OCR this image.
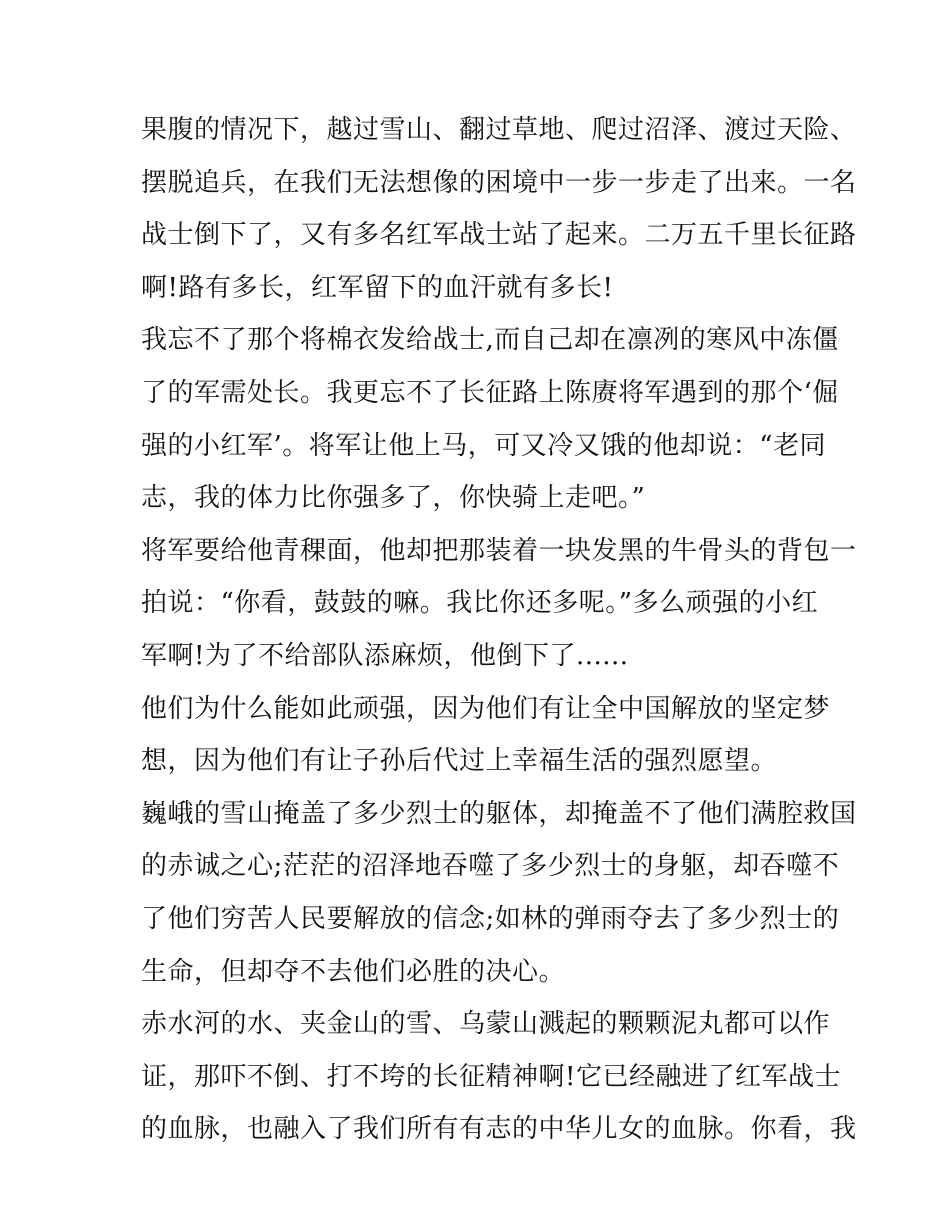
果腹的情况下，越过雪山、翻过草地、爬过沼泽、渡过天险、
摆脱追兵，在我们无法想像的困境中一步一步走了出来。一名
战士倒下了，又有多名红军战士站了起来。二万五千里长征路
啊!路有多长，红军留下的血汗就有多长!
我忘不了那个将棉衣发给战士,而自己却在凛冽的寒风中冻僵
了的军需处长。我更忘不了长征路上陈赓将军遇到的那个‘倔
强的小红军’。将军让他上马，可又冷又饿的他却说：“老同
志，我的体力比你强多了，你快骑上走吧。”
将军要给他青稞面，他却把那装着一块发黑的牛骨头的背包一
拍说：“你看，鼓鼓的嘛。我比你还多呢。”多么顽强的小红
军啊!为了不给部队添麻烦，他倒下了......
他们为什么能如此顽强，因为他们有让全中国解放的坚定梦
想，因为他们有让子孙后代过上幸福生活的强烈愿望。
巍峨的雪山掩盖了多少烈士的躯体，却掩盖不了他们满腔救国
的赤诚之心;茫茫的沼泽地吞噬了多少烈士的身躯，却吞噬不
了他们穷苦人民要解放的信念;如林的弹雨夺去了多少烈士的
生命，但却夺不去他们必胜的决心。
赤水河的水、夹金山的雪、乌蒙山溅起的颗颗泥丸都可以作
证，那吓不倒、打不垮的长征精神啊!它已经融进了红军战士
的血脉，也融入了我们所有有志的中华儿女的血脉。你看，我
